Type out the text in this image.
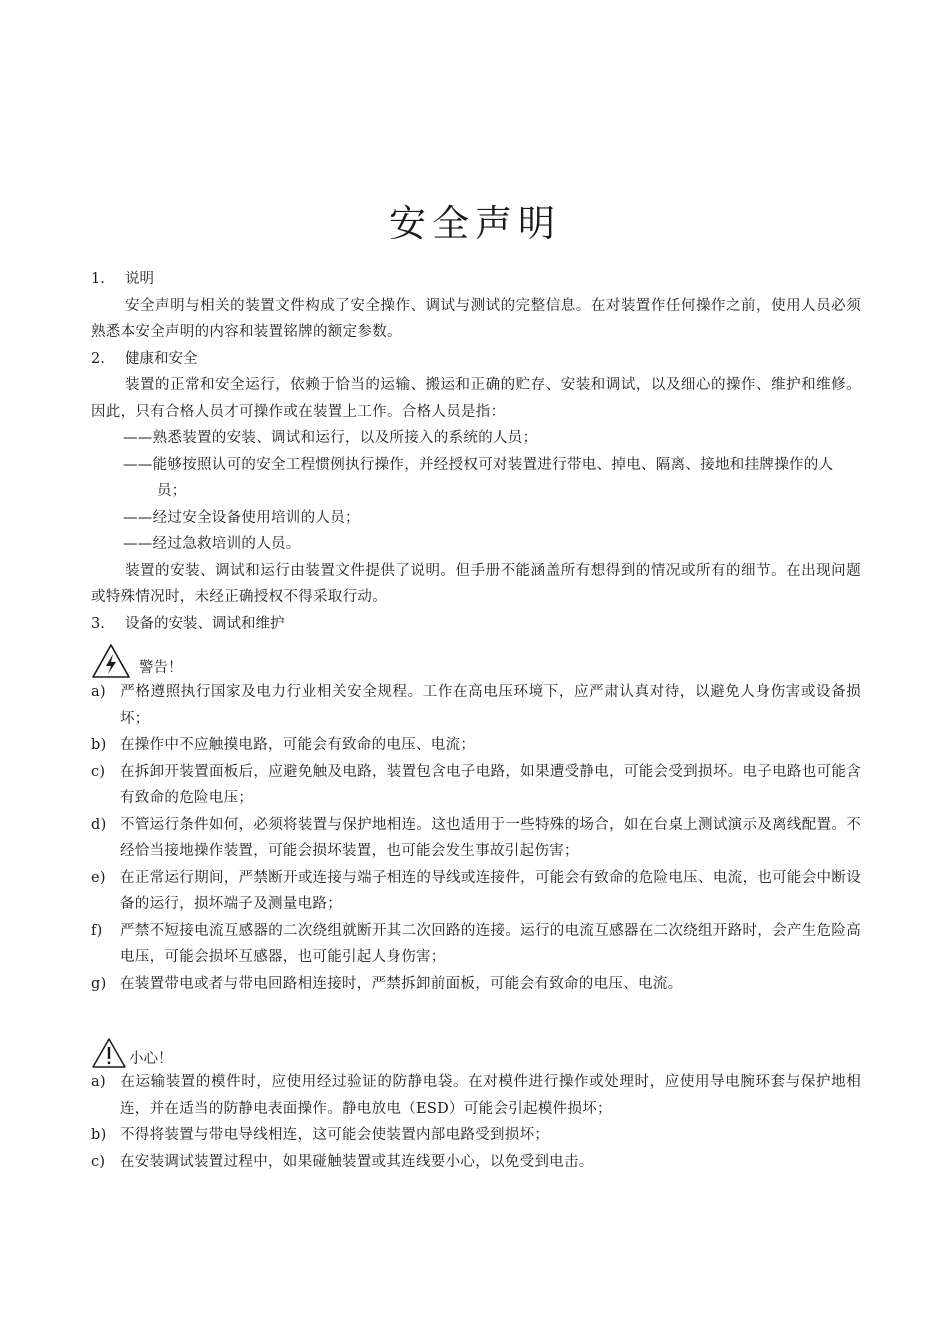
安全声明

1. 说明

安全声明与相关的装置文件构成了安全操作、调试与测试的完整信息。在对装置作任何操作之前，使用人员必须熟悉本安全声明的内容和装置铭牌的额定参数。

2. 健康和安全

装置的正常和安全运行，依赖于恰当的运输、搬运和正确的贮存、安装和调试，以及细心的操作、维护和维修。因此，只有合格人员才可操作或在装置上工作。合格人员是指：

——熟悉装置的安装、调试和运行，以及所接入的系统的人员；

——能够按照认可的安全工程惯例执行操作，并经授权可对装置进行带电、掉电、隔离、接地和挂牌操作的人员；

——经过安全设备使用培训的人员；

——经过急救培训的人员。

装置的安装、调试和运行由装置文件提供了说明。但手册不能涵盖所有想得到的情况或所有的细节。在出现问题或特殊情况时，未经正确授权不得采取行动。

3. 设备的安装、调试和维护

警告！

a) 严格遵照执行国家及电力行业相关安全规程。工作在高电压环境下，应严肃认真对待，以避免人身伤害或设备损坏；

b) 在操作中不应触摸电路，可能会有致命的电压、电流；

c) 在拆卸开装置面板后，应避免触及电路，装置包含电子电路，如果遭受静电，可能会受到损坏。电子电路也可能含有致命的危险电压；

d) 不管运行条件如何，必须将装置与保护地相连。这也适用于一些特殊的场合，如在台桌上测试演示及离线配置。不经恰当接地操作装置，可能会损坏装置，也可能会发生事故引起伤害；

e) 在正常运行期间，严禁断开或连接与端子相连的导线或连接件，可能会有致命的危险电压、电流，也可能会中断设备的运行，损坏端子及测量电路；

f) 严禁不短接电流互感器的二次绕组就断开其二次回路的连接。运行的电流互感器在二次绕组开路时，会产生危险高电压，可能会损坏互感器，也可能引起人身伤害；

g) 在装置带电或者与带电回路相连接时，严禁拆卸前面板，可能会有致命的电压、电流。

小心！

a) 在运输装置的模件时，应使用经过验证的防静电袋。在对模件进行操作或处理时，应使用导电腕环套与保护地相连，并在适当的防静电表面操作。静电放电（ESD）可能会引起模件损坏；

b) 不得将装置与带电导线相连，这可能会使装置内部电路受到损坏；

c) 在安装调试装置过程中，如果碰触装置或其连线要小心，以免受到电击。
